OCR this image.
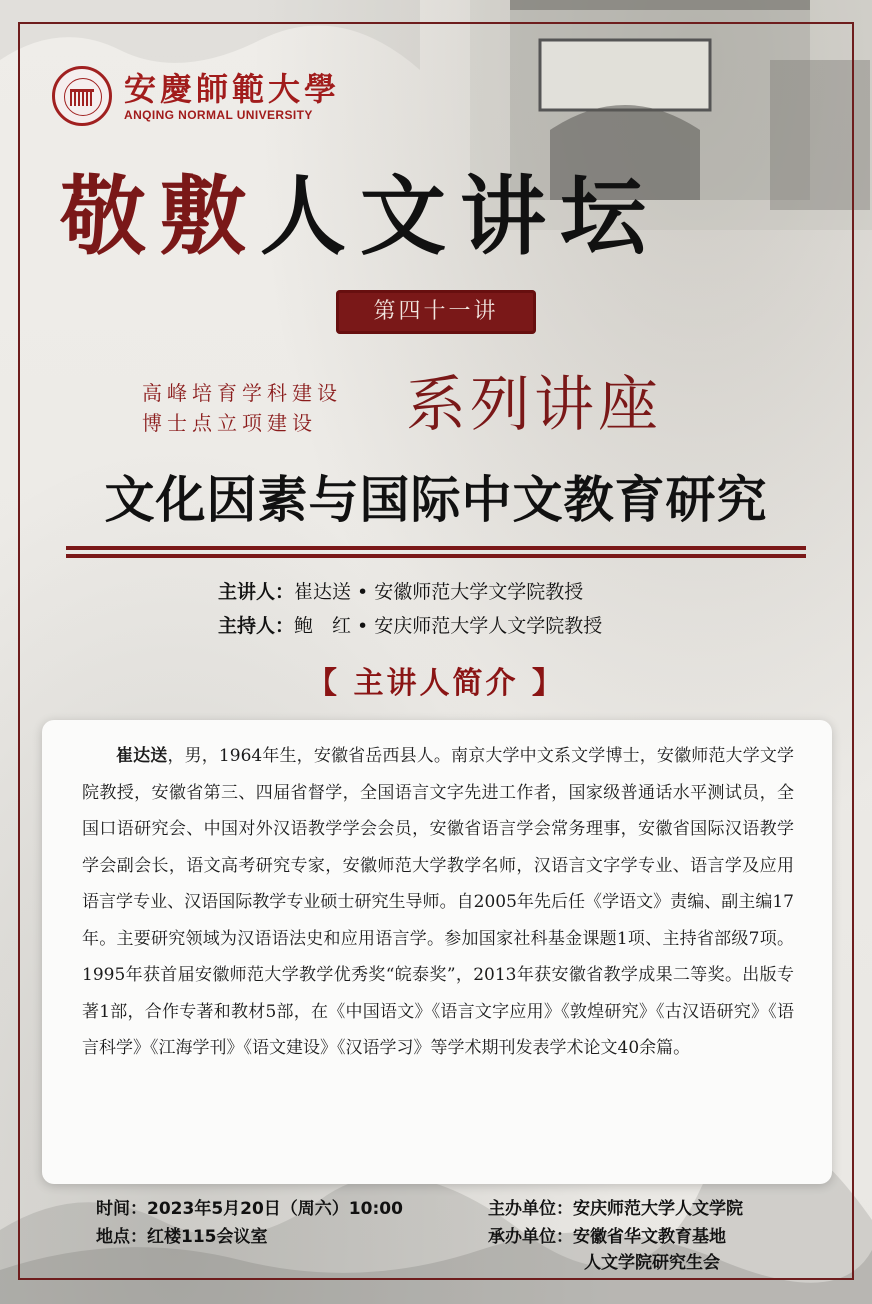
安慶師範大學
ANQING NORMAL UNIVERSITY
敬敷人文讲坛
第四十一讲
高峰培育学科建设
博士点立项建设	系列讲座
文化因素与国际中文教育研究
主讲人：崔达送 • 安徽师范大学文学院教授
主持人：鲍　红 • 安庆师范大学人文学院教授
【 主讲人简介 】

崔达送，男，1964年生，安徽省岳西县人。南京大学中文系文学博士，安徽师范大学文学院教授，安徽省第三、四届省督学，全国语言文字先进工作者，国家级普通话水平测试员，全国口语研究会、中国对外汉语教学学会会员，安徽省语言学会常务理事，安徽省国际汉语教学学会副会长，语文高考研究专家，安徽师范大学教学名师，汉语言文字学专业、语言学及应用语言学专业、汉语国际教学专业硕士研究生导师。自2005年先后任《学语文》责编、副主编17年。主要研究领域为汉语语法史和应用语言学。参加国家社科基金课题1项、主持省部级7项。1995年获首届安徽师范大学教学优秀奖“皖泰奖”，2013年获安徽省教学成果二等奖。出版专著1部，合作专著和教材5部，在《中国语文》《语言文字应用》《敦煌研究》《古汉语研究》《语言科学》《江海学刊》《语文建设》《汉语学习》等学术期刊发表学术论文40余篇。

时间：2023年5月20日（周六）10:00
地点：红楼115会议室
主办单位：安庆师范大学人文学院
承办单位：安徽省华文教育基地
人文学院研究生会
